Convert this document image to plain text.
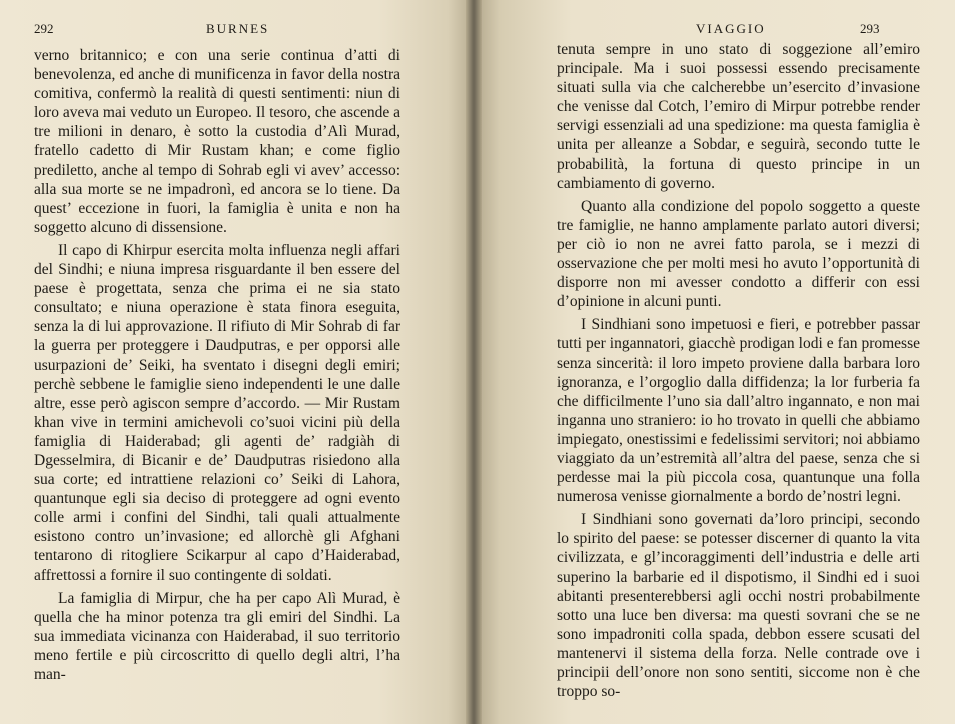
292	BURNES

verno britannico; e con una serie continua d’atti di benevolenza, ed anche di munificenza in favor della nostra comitiva, confermò la realità di questi sentimenti: niun di loro aveva mai veduto un Europeo. Il tesoro, che ascende a tre milioni in denaro, è sotto la custodia d’Alì Murad, fratello cadetto di Mir Rustam khan; e come figlio prediletto, anche al tempo di Sohrab egli vi avev’ accesso: alla sua morte se ne impadronì, ed ancora se lo tiene. Da quest’ eccezione in fuori, la famiglia è unita e non ha soggetto alcuno di dissensione.

Il capo di Khirpur esercita molta influenza negli affari del Sindhi; e niuna impresa risguardante il ben essere del paese è progettata, senza che prima ei ne sia stato consultato; e niuna operazione è stata finora eseguita, senza la di lui approvazione. Il rifiuto di Mir Sohrab di far la guerra per proteggere i Daudputras, e per opporsi alle usurpazioni de’ Seiki, ha sventato i disegni degli emiri; perchè sebbene le famiglie sieno independenti le une dalle altre, esse però agiscon sempre d’accordo. — Mir Rustam khan vive in termini amichevoli co’suoi vicini più della famiglia di Haiderabad; gli agenti de’ radgiàh di Dgesselmira, di Bicanir e de’ Daudputras risiedono alla sua corte; ed intrattiene relazioni co’ Seiki di Lahora, quantunque egli sia deciso di proteggere ad ogni evento colle armi i confini del Sindhi, tali quali attualmente esistono contro un’invasione; ed allorchè gli Afghani tentarono di ritogliere Scikarpur al capo d’Haiderabad, affrettossi a fornire il suo contingente di soldati.

La famiglia di Mirpur, che ha per capo Alì Murad, è quella che ha minor potenza tra gli emiri del Sindhi. La sua immediata vicinanza con Haiderabad, il suo territorio meno fertile e più circoscritto di quello degli altri, l’ha man-

VIAGGIO	293

tenuta sempre in uno stato di soggezione all’emiro principale. Ma i suoi possessi essendo precisamente situati sulla via che calcherebbe un’esercito d’invasione che venisse dal Cotch, l’emiro di Mirpur potrebbe render servigi essenziali ad una spedizione: ma questa famiglia è unita per alleanze a Sobdar, e seguirà, secondo tutte le probabilità, la fortuna di questo principe in un cambiamento di governo.

Quanto alla condizione del popolo soggetto a queste tre famiglie, ne hanno amplamente parlato autori diversi; per ciò io non ne avrei fatto parola, se i mezzi di osservazione che per molti mesi ho avuto l’opportunità di disporre non mi avesser condotto a differir con essi d’opinione in alcuni punti.

I Sindhiani sono impetuosi e fieri, e potrebber passar tutti per ingannatori, giacchè prodigan lodi e fan promesse senza sincerità: il loro impeto proviene dalla barbara loro ignoranza, e l’orgoglio dalla diffidenza; la lor furberia fa che difficilmente l’uno sia dall’altro ingannato, e non mai inganna uno straniero: io ho trovato in quelli che abbiamo impiegato, onestissimi e fedelissimi servitori; noi abbiamo viaggiato da un’estremità all’altra del paese, senza che si perdesse mai la più piccola cosa, quantunque una folla numerosa venisse giornalmente a bordo de’nostri legni.

I Sindhiani sono governati da’loro principi, secondo lo spirito del paese: se potesser discerner di quanto la vita civilizzata, e gl’incoraggimenti dell’industria e delle arti superino la barbarie ed il dispotismo, il Sindhi ed i suoi abitanti presenterebbersi agli occhi nostri probabilmente sotto una luce ben diversa: ma questi sovrani che se ne sono impadroniti colla spada, debbon essere scusati del mantenervi il sistema della forza. Nelle contrade ove i principii dell’onore non sono sentiti, siccome non è che troppo so-
